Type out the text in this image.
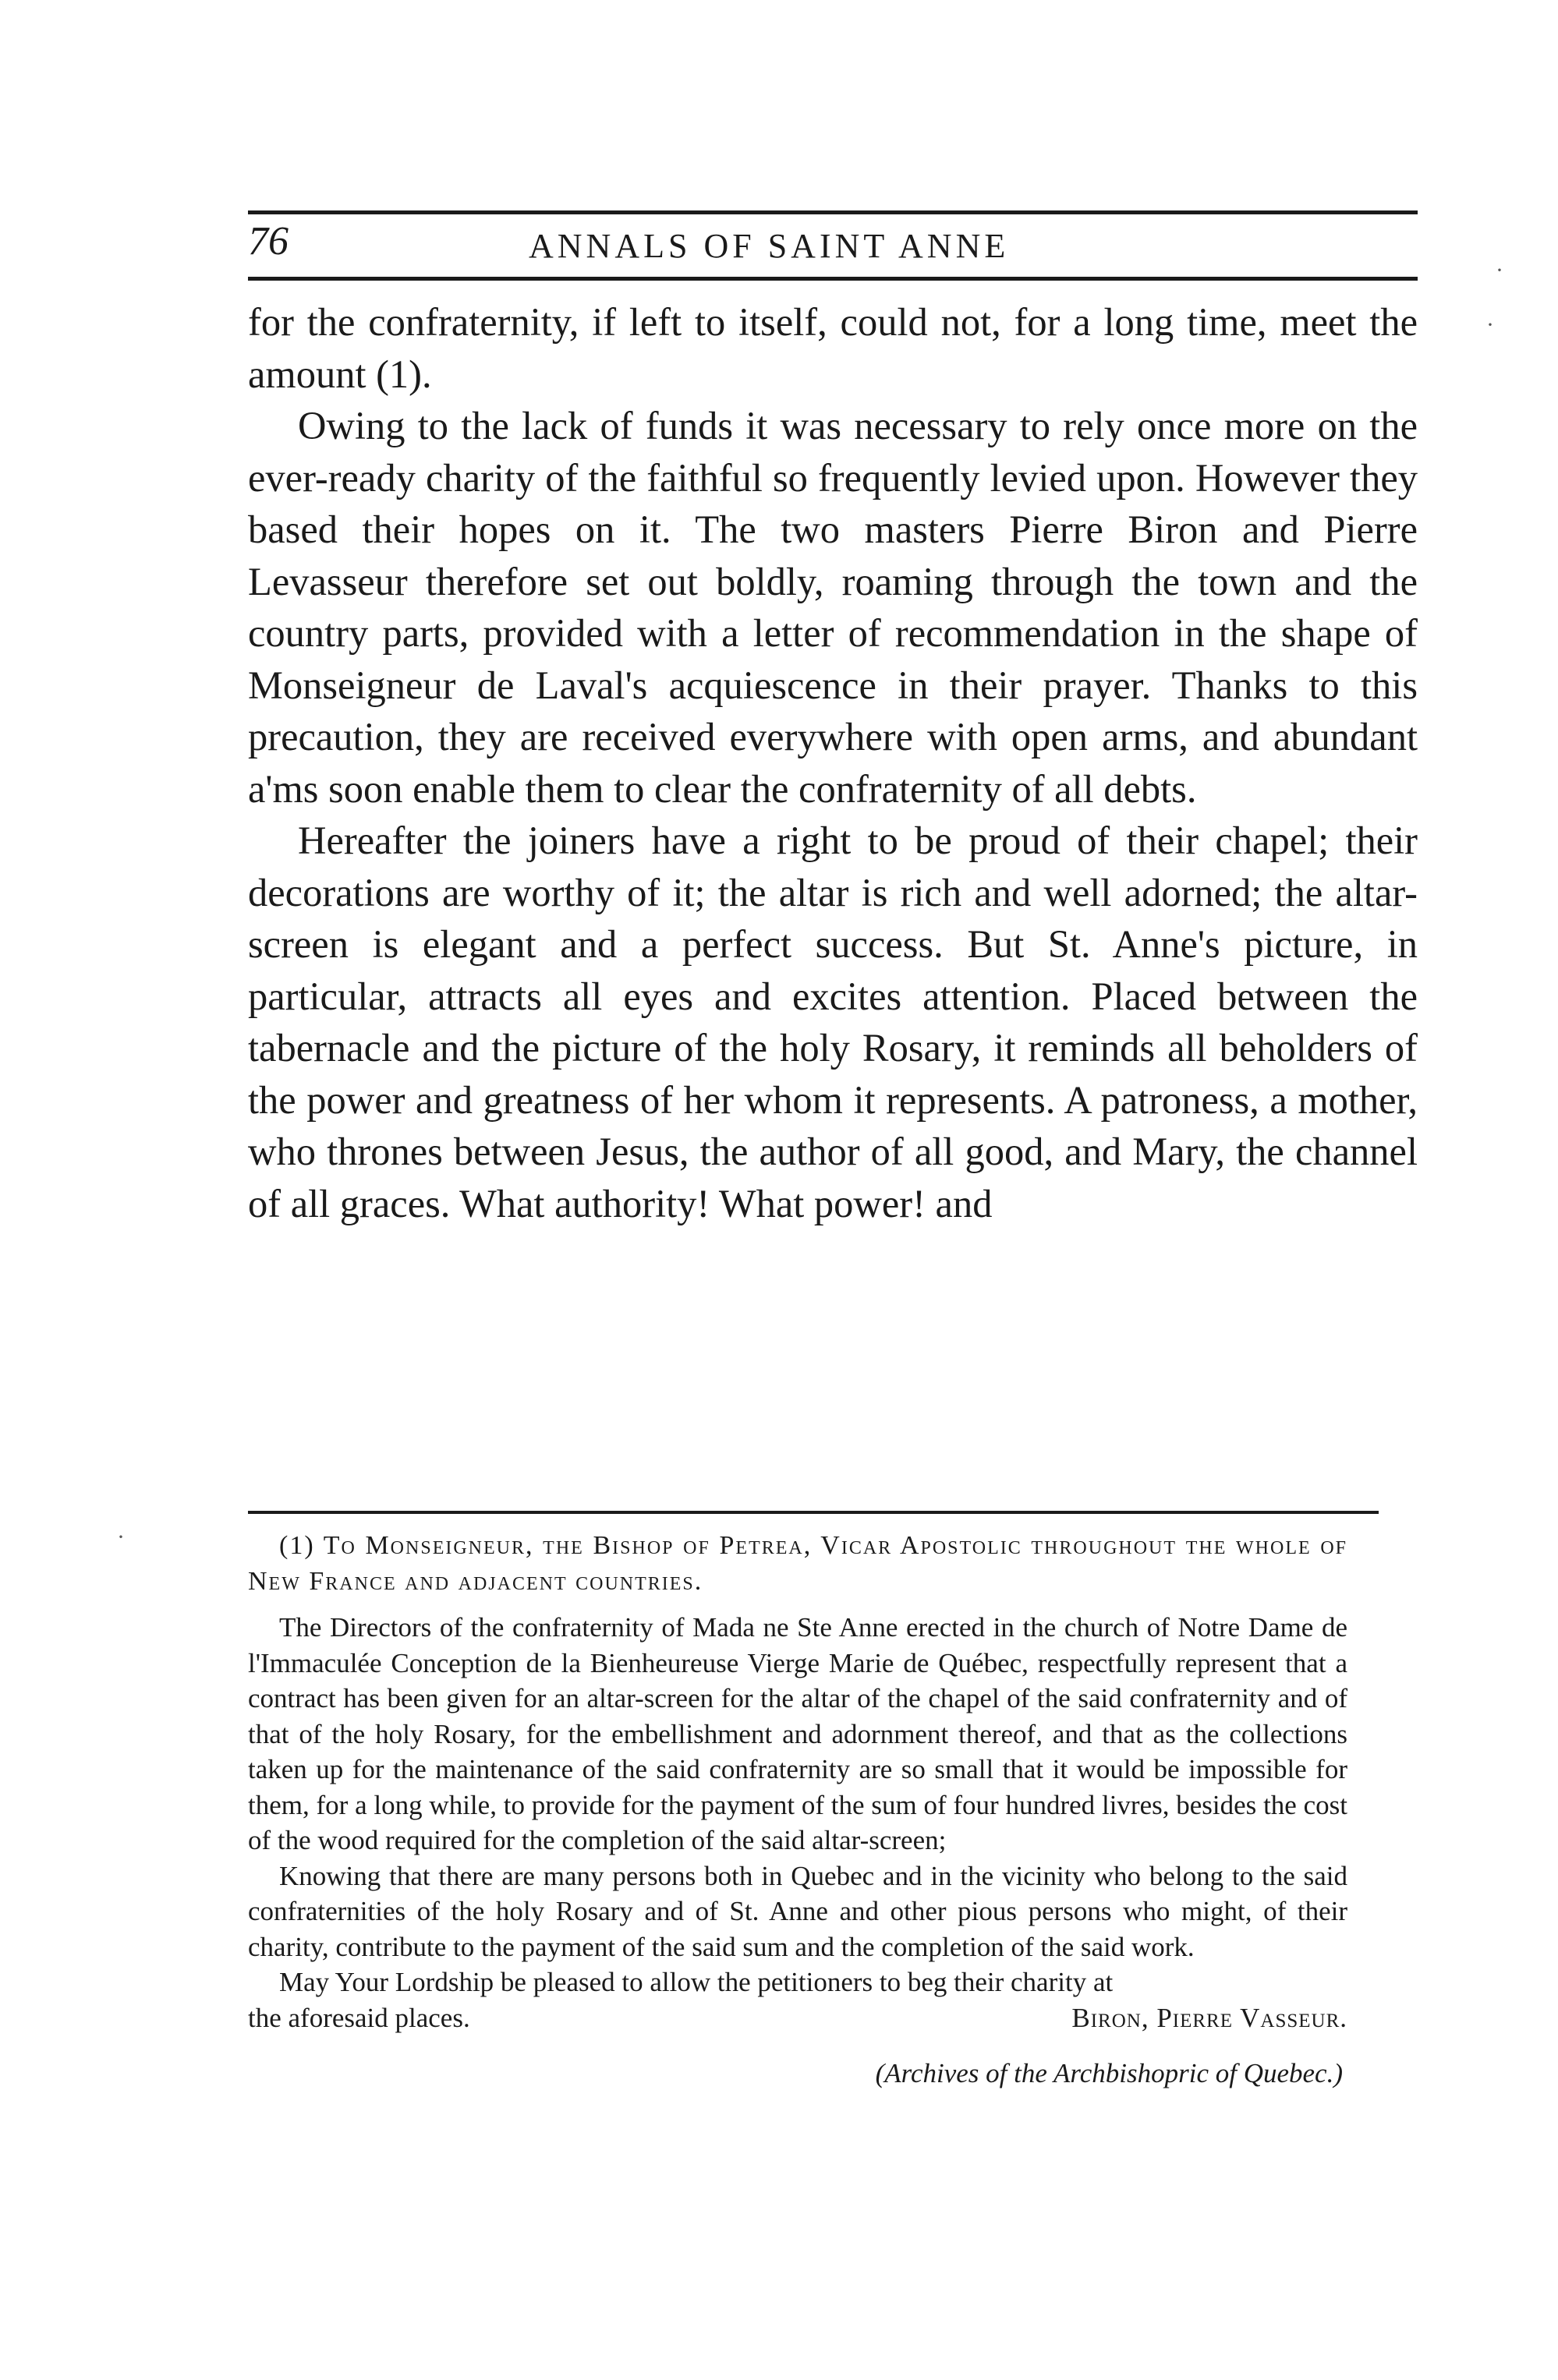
76	ANNALS OF SAINT ANNE

for the confraternity, if left to itself, could not, for a long time, meet the amount (1).

Owing to the lack of funds it was necessary to rely once more on the ever-ready charity of the faithful so frequently levied upon. However they based their hopes on it. The two masters Pierre Biron and Pierre Levasseur therefore set out boldly, roaming through the town and the country parts, provided with a letter of recommendation in the shape of Monseigneur de Laval's acquiescence in their prayer. Thanks to this precaution, they are received everywhere with open arms, and abundant a'ms soon enable them to clear the confraternity of all debts.

Hereafter the joiners have a right to be proud of their chapel; their decorations are worthy of it; the altar is rich and well adorned; the altar-screen is elegant and a perfect success. But St. Anne's picture, in particular, attracts all eyes and excites attention. Placed between the tabernacle and the picture of the holy Rosary, it reminds all beholders of the power and greatness of her whom it represents. A patroness, a mother, who thrones between Jesus, the author of all good, and Mary, the channel of all graces. What authority! What power! and

(1) To Monseigneur, the Bishop of Petrea, Vicar Apostolic throughout the whole of New France and adjacent countries.

The Directors of the confraternity of Mada ne Ste Anne erected in the church of Notre Dame de l'Immaculée Conception de la Bienheureuse Vierge Marie de Québec, respectfully represent that a contract has been given for an altar-screen for the altar of the chapel of the said confraternity and of that of the holy Rosary, for the embellishment and adornment thereof, and that as the collections taken up for the maintenance of the said confraternity are so small that it would be impossible for them, for a long while, to provide for the payment of the sum of four hundred livres, besides the cost of the wood required for the completion of the said altar-screen;

Knowing that there are many persons both in Quebec and in the vicinity who belong to the said confraternities of the holy Rosary and of St. Anne and other pious persons who might, of their charity, contribute to the payment of the said sum and the completion of the said work.

May Your Lordship be pleased to allow the petitioners to beg their charity at

the aforesaid places.	Biron, Pierre Vasseur.

(Archives of the Archbishopric of Quebec.)

·
·
·
